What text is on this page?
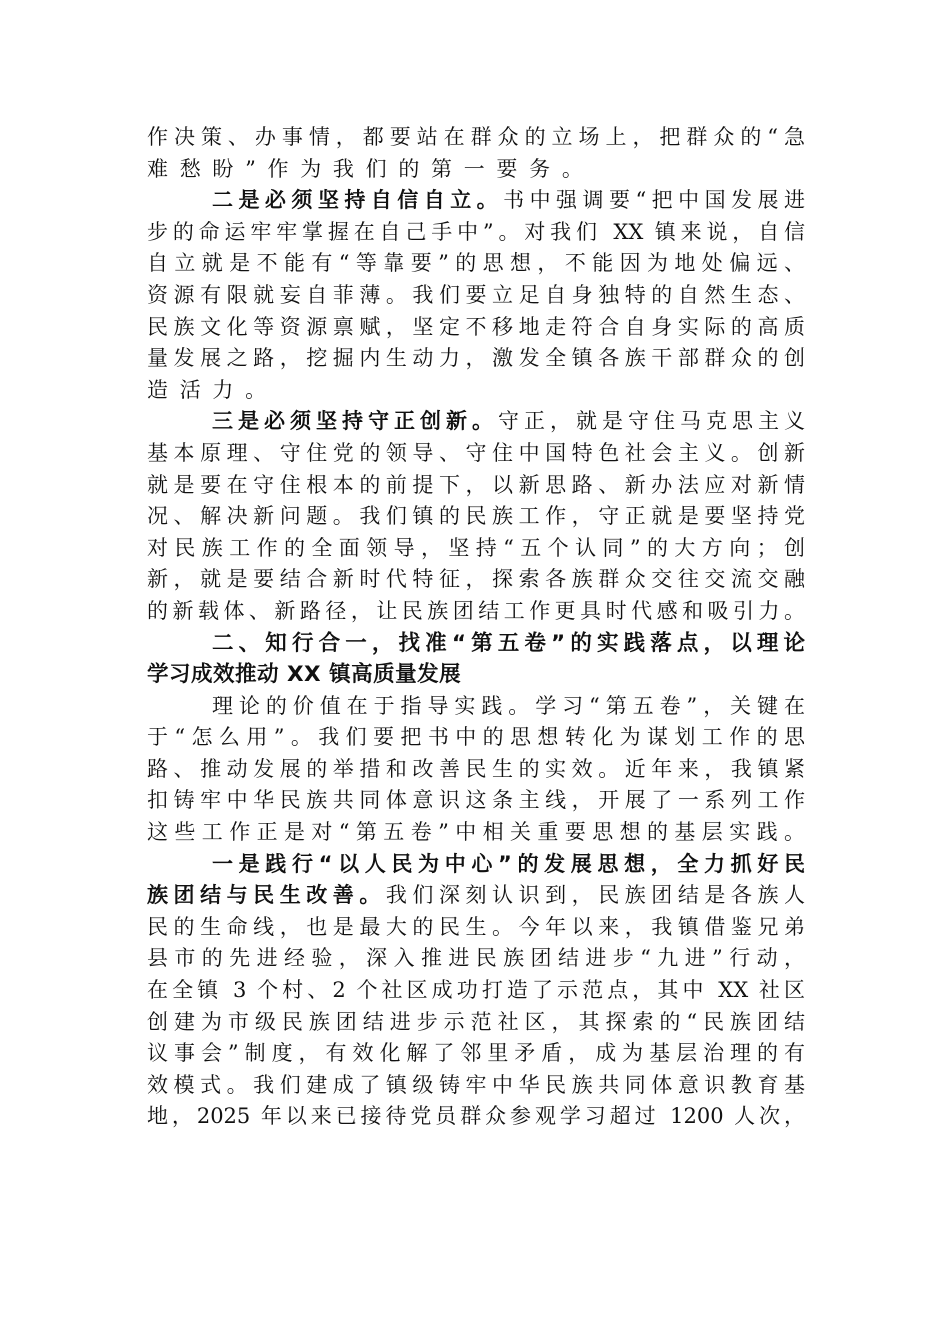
作决策、办事情，都要站在群众的立场上，把群众的“急
难愁盼”作为我们的第一要务。
二是必须坚持自信自立。书中强调要“把中国发展进
步的命运牢牢掌握在自己手中”。对我们 XX 镇来说，自信
自立就是不能有“等靠要”的思想，不能因为地处偏远、
资源有限就妄自菲薄。我们要立足自身独特的自然生态、
民族文化等资源禀赋，坚定不移地走符合自身实际的高质
量发展之路，挖掘内生动力，激发全镇各族干部群众的创
造活力。
三是必须坚持守正创新。守正，就是守住马克思主义
基本原理、守住党的领导、守住中国特色社会主义。创新
就是要在守住根本的前提下，以新思路、新办法应对新情
况、解决新问题。我们镇的民族工作，守正就是要坚持党
对民族工作的全面领导，坚持“五个认同”的大方向；创
新，就是要结合新时代特征，探索各族群众交往交流交融
的新载体、新路径，让民族团结工作更具时代感和吸引力。
二、知行合一，找准“第五卷”的实践落点，以理论
学习成效推动 XX 镇高质量发展
理论的价值在于指导实践。学习“第五卷”，关键在
于“怎么用”。我们要把书中的思想转化为谋划工作的思
路、推动发展的举措和改善民生的实效。近年来，我镇紧
扣铸牢中华民族共同体意识这条主线，开展了一系列工作
这些工作正是对“第五卷”中相关重要思想的基层实践。
一是践行“以人民为中心”的发展思想，全力抓好民
族团结与民生改善。我们深刻认识到，民族团结是各族人
民的生命线，也是最大的民生。今年以来，我镇借鉴兄弟
县市的先进经验，深入推进民族团结进步“九进”行动，
在全镇 3 个村、2 个社区成功打造了示范点，其中 XX 社区
创建为市级民族团结进步示范社区，其探索的“民族团结
议事会”制度，有效化解了邻里矛盾，成为基层治理的有
效模式。我们建成了镇级铸牢中华民族共同体意识教育基
地，2025 年以来已接待党员群众参观学习超过 1200 人次，
